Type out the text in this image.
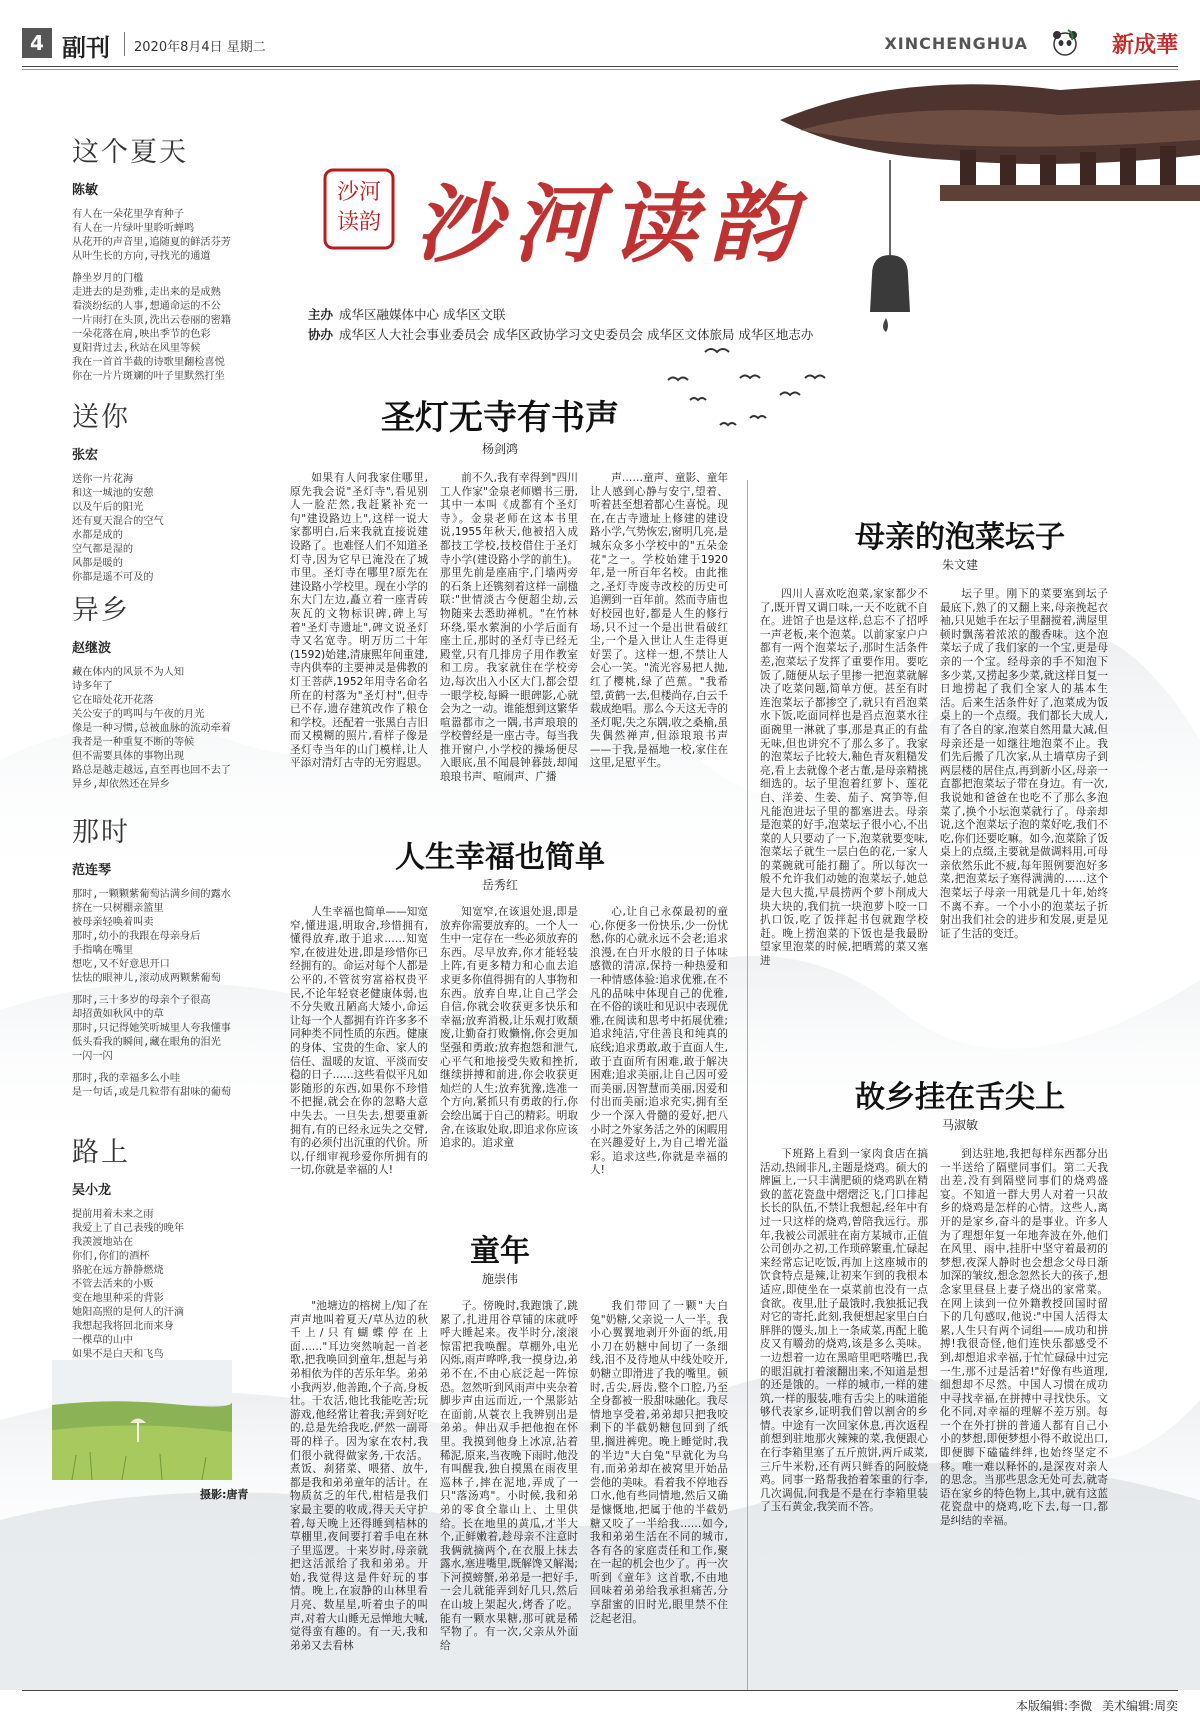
4 副刊 2020年8月4日 星期二	XINCHENGHUA	新成華
沙河读韵 沙河读韵
主办 成华区融媒体中心 成华区文联
协办 成华区人大社会事业委员会 成华区政协学习文史委员会 成华区文体旅局 成华区地志办
这个夏天
陈敏
有人在一朵花里孕育种子
有人在一片绿叶里聆听蝉鸣
从花开的声音里,追随夏的鲜活芬芳
从叶生长的方向,寻找光的通道
静坐岁月的门槛
走进去的是劲雅,走出来的是成熟
看淡纷纭的人事,想通命运的不公
一片雨打在头顶,洗出云卷丽的密籍
一朵花落在肩,映出季节的色彩
夏阳背过去,秋站在风里等候
我在一首首半截的诗歌里翻检喜悦
你在一片片斑斓的叶子里默然打坐
送你
张宏
送你一片花海
和这一城池的安憩
以及午后的阳光
还有夏天混合的空气
水都是成的
空气都是湿的
风都是暖的
你都是遥不可及的
异乡
赵继波
藏在体内的风景不为人知
诗多年了
它在暗处花开花落
关公安子的鸣叫与午夜的月光
像是一种习惯,总被血脉的流动牵着
我者是一种重复不断的等候
但不需要具体的事物出现
路总是越走越远,直至再也回不去了
异乡,却依然还在异乡
那时
范连琴
那时,一颗颗紫葡萄沾满乡间的露水
挤在一只树棚亲篮里
被母亲轻唤着叫卖
那时,幼小的我跟在母亲身后
手指噙在嘴里
想吃,又不好意思开口
怯怯的眼神儿,滚动成两颗紫葡萄
那时,三十多岁的母亲个子很高
却招黄如秋风中的草
那时,只记得她笑听城里人夸我懂事
低头看我的瞬间,藏在眼角的泪光
一闪一闪
那时,我的幸福多么小哇
是一句话,或是几粒带有甜味的葡萄
路上
吴小龙
提前用着未来之雨
我爱上了自己表残的晚年
我羡渡地站在
你们,你们的酒杯
骆驼在远方静静燃烧
不管去活来的小贩
变在地里种采的背影
她阳高照的是何人的汗滴
我想起我将回北而来身
一棵草的山中
如果不是白天和飞鸟
摄影:唐青
圣灯无寺有书声
杨剑鸿

如果有人问我家住哪里,原先我会说"圣灯寺",看见别人一脸茫然,我赶紧补充一句"建设路边上",这样一说大家都明白,后来我就直接说建设路了。也难怪人们不知道圣灯寺,因为它早已淹没在了城市里。圣灯寺在哪里?原先在建设路小学校里。现在小学的东大门左边,矗立着一座青砖灰瓦的文物标识碑,碑上写着"圣灯寺遗址",碑文说圣灯寺又名宽寺。明万历二十年(1592)始建,清康熙年间重建,寺内供奉的主要神灵是佛教的灯王菩萨,1952年用寺名命名所在的村落为"圣灯村",但寺已不存,遗存建筑改作了粮仓和学校。还配着一张黑白吉旧而又模糊的照片,看样子像是圣灯寺当年的山门模样,让人平添对清灯古寺的无穷遐思。

前不久,我有幸得到"四川工人作家"金泉老师赠书三册,其中一本叫《成都有个圣灯寺》。金泉老师在这本书里说,1955年秋天,他被招入成都技工学校,技校借住于圣灯寺小学(建设路小学的前生)。那里先前是座庙宇,门墙两旁的石条上还镌刻着这样一副楹联:"世情淡古今便超尘劫,云物随来去悉助禅机。"在竹林环绕,渠水萦涧的小学后面有座土丘,那时的圣灯寺已经无殿堂,只有几排房子用作教室和工房。我家就住在学校旁边,每次出入小区大门,都会望一眼学校,每瞬一眼碑影,心就会为之一动。谁能想到这繁华喧嚣都市之一隅,书声琅琅的学校曾经是一座古寺。每当我推开窗户,小学校的操场便尽入眼底,虽不闻晨钟暮鼓,却闻琅琅书声、喧闹声、广播

声……童声、童影、童年让人感到心静与安宁,望着、听着甚至想着都心生喜悦。现在,在古寺遗址上修建的建设路小学,气势恢宏,窗明几亮,是城东众多小学校中的"五朵金花"之一。学校始建于1920年,是一所百年名校。由此推之,圣灯寺废寺改校的历史可追溯到一百年前。然而寺庙也好校园也好,都是人生的修行场,只不过一个是出世看破红尘,一个是入世让人生走得更好罢了。这样一想,不禁让人会心一笑。"流光容易把人抛,红了樱桃,绿了芭蕉。"我希望,黄鹤一去,但楼尚存,白云千载成绝唱。那么今天这无寺的圣灯呢,失之东隅,收之桑榆,虽失偶然禅声,但添琅琅书声——于我,是福地一校,家住在这里,足慰平生。

母亲的泡菜坛子
朱文建

四川人喜欢吃泡菜,家家都少不了,既开胃又调口味,一天不吃就不自在。进馆子也是这样,总忘不了招呼一声老板,来个泡菜。以前家家户户都有一两个泡菜坛子,那时生活条件差,泡菜坛子发挥了重要作用。要吃饭了,随便从坛子里掺一把泡菜就解决了吃菜问题,简单方便。甚至有时连泡菜坛子都掺空了,就只有舀泡菜水下饭,吃面同样也是舀点泡菜水往面碗里一淋就了事,那是真正的有盐无味,但也讲究不了那么多了。我家的泡菜坛子比较大,釉色青灰粗糙发亮,看上去就像个老古董,是母亲精挑细选的。坛子里泡着红萝卜、莲花白、洋姜、生姜、茄子、窝笋等,但凡能泡进坛子里的都塞进去。母亲是泡菜的好手,泡菜坛子很小心,不出菜的人只要动了一下,泡菜就要变味,泡菜坛子就生一层白色的花,一家人的菜碗就可能打翻了。所以每次一般不允许我们动她的泡菜坛子,她总是大包大揽,早晨捞两个萝卜削成大块大块的,我们抗一块泡萝卜咬一口扒口饭,吃了饭拌起书包就跑学校赶。晚上捞泡菜的下饭也是我最盼望家里泡菜的时候,把晒蔫的菜又塞进

坛子里。刚下的菜要塞到坛子最底下,熟了的又翻上来,母亲挽起衣袖,只见她手在坛子里翻搅着,满屋里顿时飘荡着浓浓的酸香味。这个泡菜坛子成了我们家的一个宝,更是母亲的一个宝。经母亲的手不知泡下多少菜,又捞起多少菜,就这样日复一日地捞起了我们全家人的基本生活。后来生活条件好了,泡菜成为饭桌上的一个点缀。我们都长大成人,有了各自的家,泡菜自然用量大减,但母亲还是一如继往地泡菜不止。我们先后搬了几次家,从土墙草房子到两层楼的居住点,再到新小区,母亲一直都把泡菜坛子带在身边。有一次,我说她和爸爸在也吃不了那么多泡菜了,换个小坛泡菜就行了。母亲却说,这个泡菜坛子泡的菜好吃,我们不吃,你们还要吃嘛。如今,泡菜除了饭桌上的点缀,主要就是做调料用,可母亲依然乐此不疲,每年照例要泡好多菜,把泡菜坛子塞得满满的……这个泡菜坛子母亲一用就是几十年,始终不离不弃。一个小小的泡菜坛子折射出我们社会的进步和发展,更是见证了生活的变迁。

人生幸福也简单
岳秀红

人生幸福也简单——知宽窄,懂进退,明取舍,珍惜拥有,懂得放弃,敢于追求……知宽窄,在彼进处进,即是珍惜你已经拥有的。命运对每个人都是公平的,不管贫穷富裕权贵平民,不论年轻衰老健康体弱,也不分失败丑陋高大矮小,命运让每一个人都拥有许许多多不同种类不同性质的东西。健康的身体、宝贵的生命、家人的信任、温暖的友谊、平淡而安稳的日子……这些看似平凡如影随形的东西,如果你不珍惜不把握,就会在你的忽略大意中失去。一旦失去,想要重新拥有,有的已经永远失之交臂,有的必须付出沉重的代价。所以,仔细审视珍爱你所拥有的一切,你就是幸福的人!

知宽窄,在该退处退,即是放弃你需要放弃的。一个人一生中一定存在一些必须放弃的东西。尽早放弃,你才能轻装上阵,有更多精力和心血去追求更多你值得拥有的人事物和东西。放弃自卑,让自己学会自信,你就会收获更多快乐和幸福;放弃消极,让乐观打败颓废,让勤奋打败懒惰,你会更加坚强和勇敢;放弃抱怨和泄气,心平气和地接受失败和挫折,继续拼搏和前进,你会收获更灿烂的人生;放弃犹豫,选准一个方向,紧抓只有勇敢的行,你会绘出属于自己的精彩。明取舍,在该取处取,即追求你应该追求的。追求童

心,让自己永葆最初的童心,你便多一份快乐,少一份忧愁,你的心就永远不会老;追求浪漫,在白开水般的日子体味感微的清凉,保持一种热爱和一种情感体验:追求优雅,在不凡的品味中体现自己的优雅,在不俗的谈吐和见识中表现优雅,在阅读和思考中拓展优雅;追求纯洁,守住善良和纯真的底线;追求勇敢,敢于直面人生,敢于直面所有困难,敢于解决困难;追求美丽,让自己因可爱而美丽,因智慧而美丽,因爱和付出而美丽;追求充实,拥有至少一个深入骨髓的爱好,把八小时之外家务活之外的闲暇用在兴趣爱好上,为自己增光溢彩。追求这些,你就是幸福的人!

故乡挂在舌尖上
马淑敏

下班路上看到一家肉食店在搞活动,热闹非凡,主题是烧鸡。硕大的牌匾上,一只丰满肥硕的烧鸡趴在精致的蓝花瓷盘中熠熠泛飞,门口排起长长的队伍,不禁让我想起,经年中有过一只这样的烧鸡,曾陪我远行。那年,我被公司派驻在南方某城市,正值公司创办之初,工作琐碎繁重,忙碌起来经常忘记吃饭,再加上这座城市的饮食特点是辣,让初来乍到的我根本适应,即使坐在一桌菜前也没有一点食欲。夜里,肚子最饿时,我独抵记我对它的寄托,此刻,我便想起家里白白胖胖的馒头,加上一条咸菜,再配上脆皮又有嚼劲的烧鸡,该是多么美味。一边想着一边在黑暗里吧嗒嘴巴,我的眼泪就打着滚翻出来,不知道是想的还是饿的。一样的城市,一样的建筑,一样的服装,唯有舌尖上的味道能够代表家乡,证明我们曾以割舍的乡情。中途有一次回家休息,再次返程前想到驻地那火辣辣的菜,我便跟心在行李箱里塞了五斤煎饼,两斤咸菜,三斤牛米粉,还有两只鲜香的阿胶烧鸡。同事一路帮我抬着笨重的行李,几次调侃,问我是不是在行李箱里装了玉石黄金,我笑而不答。

到达驻地,我把每样东西都分出一半送给了隔壁同事们。第二天我出差,没有到隔壁同事们的烧鸡盛宴。不知道一群大男人对着一只故乡的烧鸡是怎样的心情。这些人,离开的是家乡,奋斗的是事业。许多人为了理想年复一年地奔波在外,他们在风里、雨中,挂肝中坚守着最初的梦想,夜深人静时也会想念父母日渐加深的皱纹,想念忽然长大的孩子,想念家里昼昼上妻子烧出的家常菜。在网上读到一位外籍教授回国时留下的几句感叹,他说:"中国人活得太累,人生只有两个词组——成功和拼搏!我很奇怪,他们连快乐都感受不到,却想追求幸福,于忙忙碌碌中过完一生,那不过是活着!"好像有些道理,细想却不尽然。中国人习惯在成功中寻找幸福,在拼搏中寻找快乐。文化不同,对幸福的理解不差万别。每一个在外打拼的普通人都有自己小小的梦想,即便梦想小得不敢说出口,即便脚下磕磕绊绊,也始终坚定不移。唯一难以释怀的,是深夜对亲人的思念。当那些思念无处可去,就寄语在家乡的特色物上,其中,就有这蓝花瓷盘中的烧鸡,吃下去,每一口,都是纠结的幸福。

童年
施崇伟

"池塘边的榕树上/知了在声声地叫着夏天/草丛边的秋千上/只有蝴蝶停在上面……"耳边突然响起一首老歌,把我唤回到童年,想起与弟弟相依为伴的苦乐年华。弟弟小我两岁,他善跑,个子高,身板壮。干农活,他比我能吃苦;玩游戏,他经常让着我;弄到好吃的,总是先给我吃,俨然一副哥哥的样子。因为家在农村,我们很小就得做家务,干农活。煮饭、刹猪菜、喂猪、放牛,都是我和弟弟童年的活计。在物质贫乏的年代,柑桔是我们家最主要的收成,得天天守护着,每天晚上还得睡到桔林的草棚里,夜间要打着手电在林子里巡逻。十来岁时,母亲就把这活派给了我和弟弟。开始,我觉得这是件好玩的事情。晚上,在寂静的山林里看月亮、数星星,听着虫子的叫声,对着大山睡无忌惮地大喊,觉得蛮有趣的。有一天,我和弟弟又去看林

子。傍晚时,我跑饿了,跳累了,扎进用谷草铺的床就呼呼大睡起来。夜半时分,滚滚惊雷把我唤醒。草棚外,电光闪烁,雨声哗哗,我一摸身边,弟弟不在,不由心底泛起一阵惊恐。忽然听到风雨声中夹杂着脚步声由远而近,一个黑影站在面前,从蓑衣上我辨别出是弟弟。伸出双手把他抱在怀里。我摸到他身上冰凉,沾着稀泥,原来,当夜晚下雨时,他没有叫醒我,独自摸黑在雨夜里巡林子,摔在泥地,弄成了一只"落汤鸡"。小时候,我和弟弟的零食全靠山上、土里供给。长在地里的黄瓜,才半大个,正鲜嫩着,趁母亲不注意时我俩就摘两个,在衣服上抹去露水,塞进嘴里,既解馋又解渴;下河摸螃蟹,弟弟是一把好手,一会儿就能弄到好几只,然后在山坡上架起火,烤香了吃。能有一颗水果糖,那可就是稀罕物了。有一次,父亲从外面给

我们带回了一颗"大白兔"奶糖,父亲说一人一半。我小心翼翼地剥开外面的纸,用小刀在奶糖中间切了一条细线,泪不及待地从中线处咬开,奶糖立即滑进了我的嘴里。顿时,舌尖,唇齿,整个口腔,乃至全身都被一股甜味融化。我尽情地享受着,弟弟却只把我咬剩下的半截奶糖包回到了纸里,搁进裤兜。晚上睡觉时,我的半边"大白兔"早就化为乌有,而弟弟却在被窝里开始品尝他的美味。看着我不停地吞口水,他有些同情地,然后又确是慷慨地,把属于他的半截奶糖又咬了一半给我……如今,我和弟弟生活在不同的城市,各有各的家庭责任和工作,聚在一起的机会也少了。再一次听到《童年》这首歌,不由地回味着弟弟给我承担痛苦,分享甜蜜的旧时光,眼里禁不住泛起老泪。

本版编辑:李微 美术编辑:周奕
